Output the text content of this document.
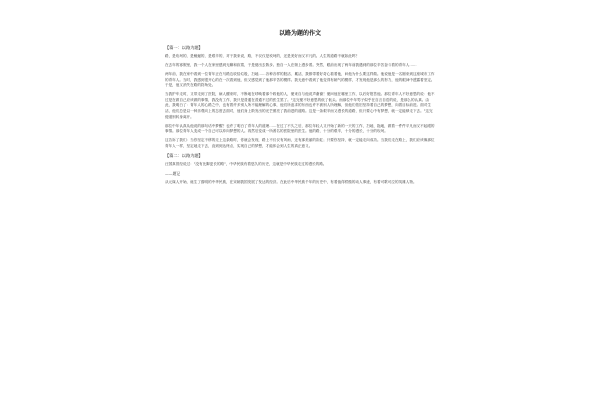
以路为题的作文
【篇一：以路为题】

路，是坎坷的，是蜿蜒的，是艰辛的，对于我来说，路，不仅仅是坎坷的，还是美好而又平凡的。人生的道路不就如此吗？

在去年的寒假里，我一个人在家里感到无聊和寂寞，于是便出去散步。独自一人在街上漫步着。突然，眼前出现了两年前我遇到的那位辛苦奋斗着的青年人……

两年前，我在家中看到一位青年正在马路边收拾垃圾，扫地……各种各样的脏活、累活，我都带着好奇心看着他，问他为什么要这样做。他说他是一名刚来到这座城市工作的青年人。当时，我感到很开心的在一次看到他，但又感觉到了他那辛苦的模样。我无意中看到了他变得有朝气的模样，才发现他是那么的努力，他的眼神中透露着坚定。于是，他又消失在路的拐角处。

当我护车走时，又带走到了医院，病人醒来时，不断地在呼唤着那个救他的人，便来自与他说声谢谢！便问他在哪里工作，以后好报答他。那位青年人不好意思的说：他不过是在做自己应该做的事情，我没有工作，我只是普通在普通不过的医生罢了。"这完便不好意思的低了低头。而那位中年男子似乎在自言自语的说，是那么的认真。由此，我明白了：青年人的心路之中，也有着许多别人所不能理解的心事，他们所追求的东西也许不被别人所理解，但他们依旧坚持着自己的梦想，向着目标前进。面对生活，他们总是以一种乐观向上的态度去面对，他们身上散发出的光芒照亮了我前进的道路。这是一条艰辛而又漫长的道路，但只要心中有梦想，就一定能够走下去。"这完便道别转身离开。

那位中年认真从他说的那句话中梦醒？也许了明白了青年人的道理……在过了不久之后，那位年轻人又开始了新的一天的工作，扫地、拖地，做着一件件平凡而又不起眼的事情。那位青年人变成一个自己可以冲向梦想的人。再然后变成一所著名的医院里的医生。他的路，十分的艰辛，十分的漫长，十分的坎坷。

这告诉了我们：当你坚定不移的走上这条路时，你就会发现，路上不仅仅有风雨，还有那美丽的彩虹；只要你坚持，就一定能走向成功。当我们走在路上，我们应该像那位青年人一样，坚定地走下去，直到到达终点，实现自己的梦想，才能体会到人生的真正意义。

【篇二：以路为题】

汪国真曾经说过："没有比脚更长的路"，中华民族有着悠久的历史，这就是中华民族走过的漫长的路。

——题记

从元谋人开始，诞生了蔚明的中华民族，在宋朝我国发展了发达的经济。在此后中华民族千年的历史中，有着值得骄傲的动人事迹，有着可歌可泣的英雄人物。
